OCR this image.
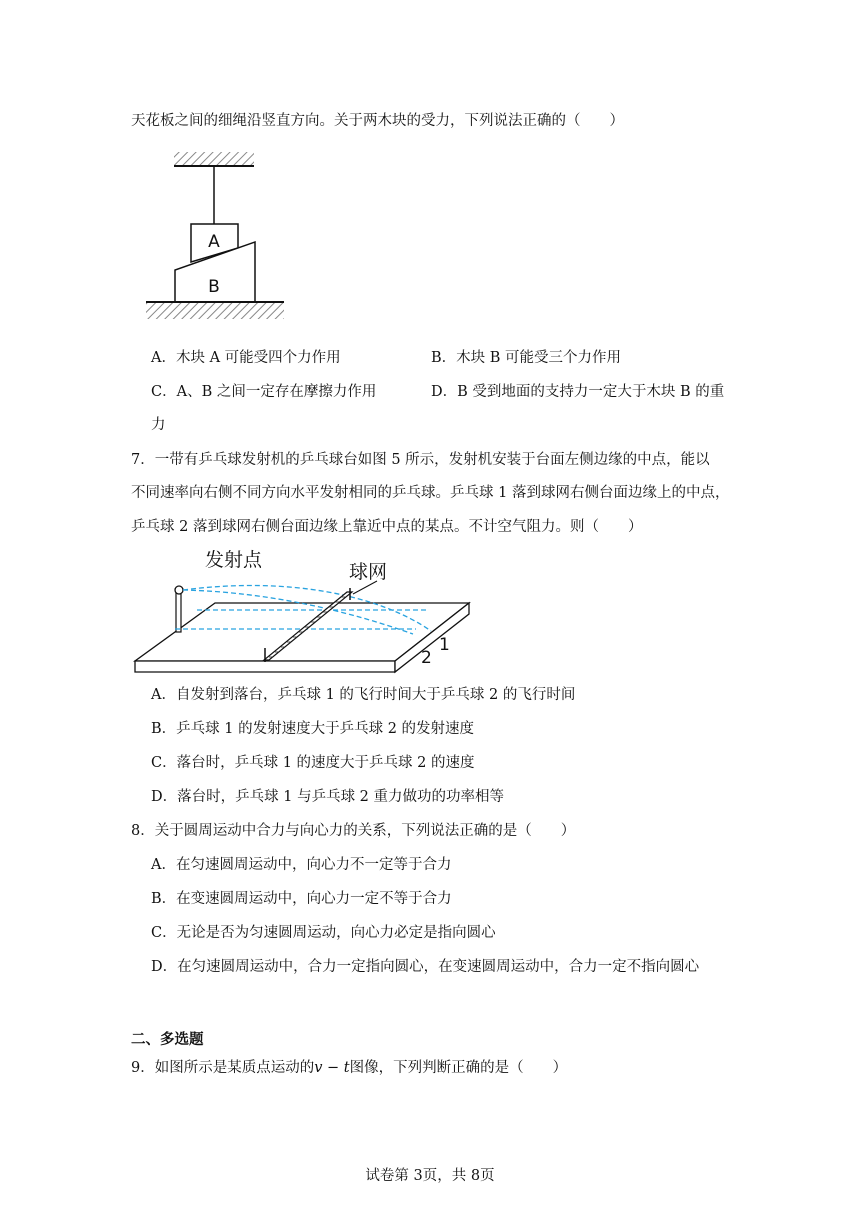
天花板之间的细绳沿竖直方向。关于两木块的受力，下列说法正确的（　　）
A
B
A．木块 A 可能受四个力作用	B．木块 B 可能受三个力作用
C．A、B 之间一定存在摩擦力作用	D．B 受到地面的支持力一定大于木块 B 的重
力
7．一带有乒乓球发射机的乒乓球台如图 5 所示，发射机安装于台面左侧边缘的中点，能以
不同速率向右侧不同方向水平发射相同的乒乓球。乒乓球 1 落到球网右侧台面边缘上的中点，
乒乓球 2 落到球网右侧台面边缘上靠近中点的某点。不计空气阻力。则（　　）
发射点
球网
1
2
A．自发射到落台，乒乓球 1 的飞行时间大于乒乓球 2 的飞行时间
B．乒乓球 1 的发射速度大于乒乓球 2 的发射速度
C．落台时，乒乓球 1 的速度大于乒乓球 2 的速度
D．落台时，乒乓球 1 与乒乓球 2 重力做功的功率相等
8．关于圆周运动中合力与向心力的关系，下列说法正确的是（　　）
A．在匀速圆周运动中，向心力不一定等于合力
B．在变速圆周运动中，向心力一定不等于合力
C．无论是否为匀速圆周运动，向心力必定是指向圆心
D．在匀速圆周运动中，合力一定指向圆心，在变速圆周运动中，合力一定不指向圆心
二、多选题
9．如图所示是某质点运动的v − t图像，下列判断正确的是（　　）
试卷第 3页，共 8页
